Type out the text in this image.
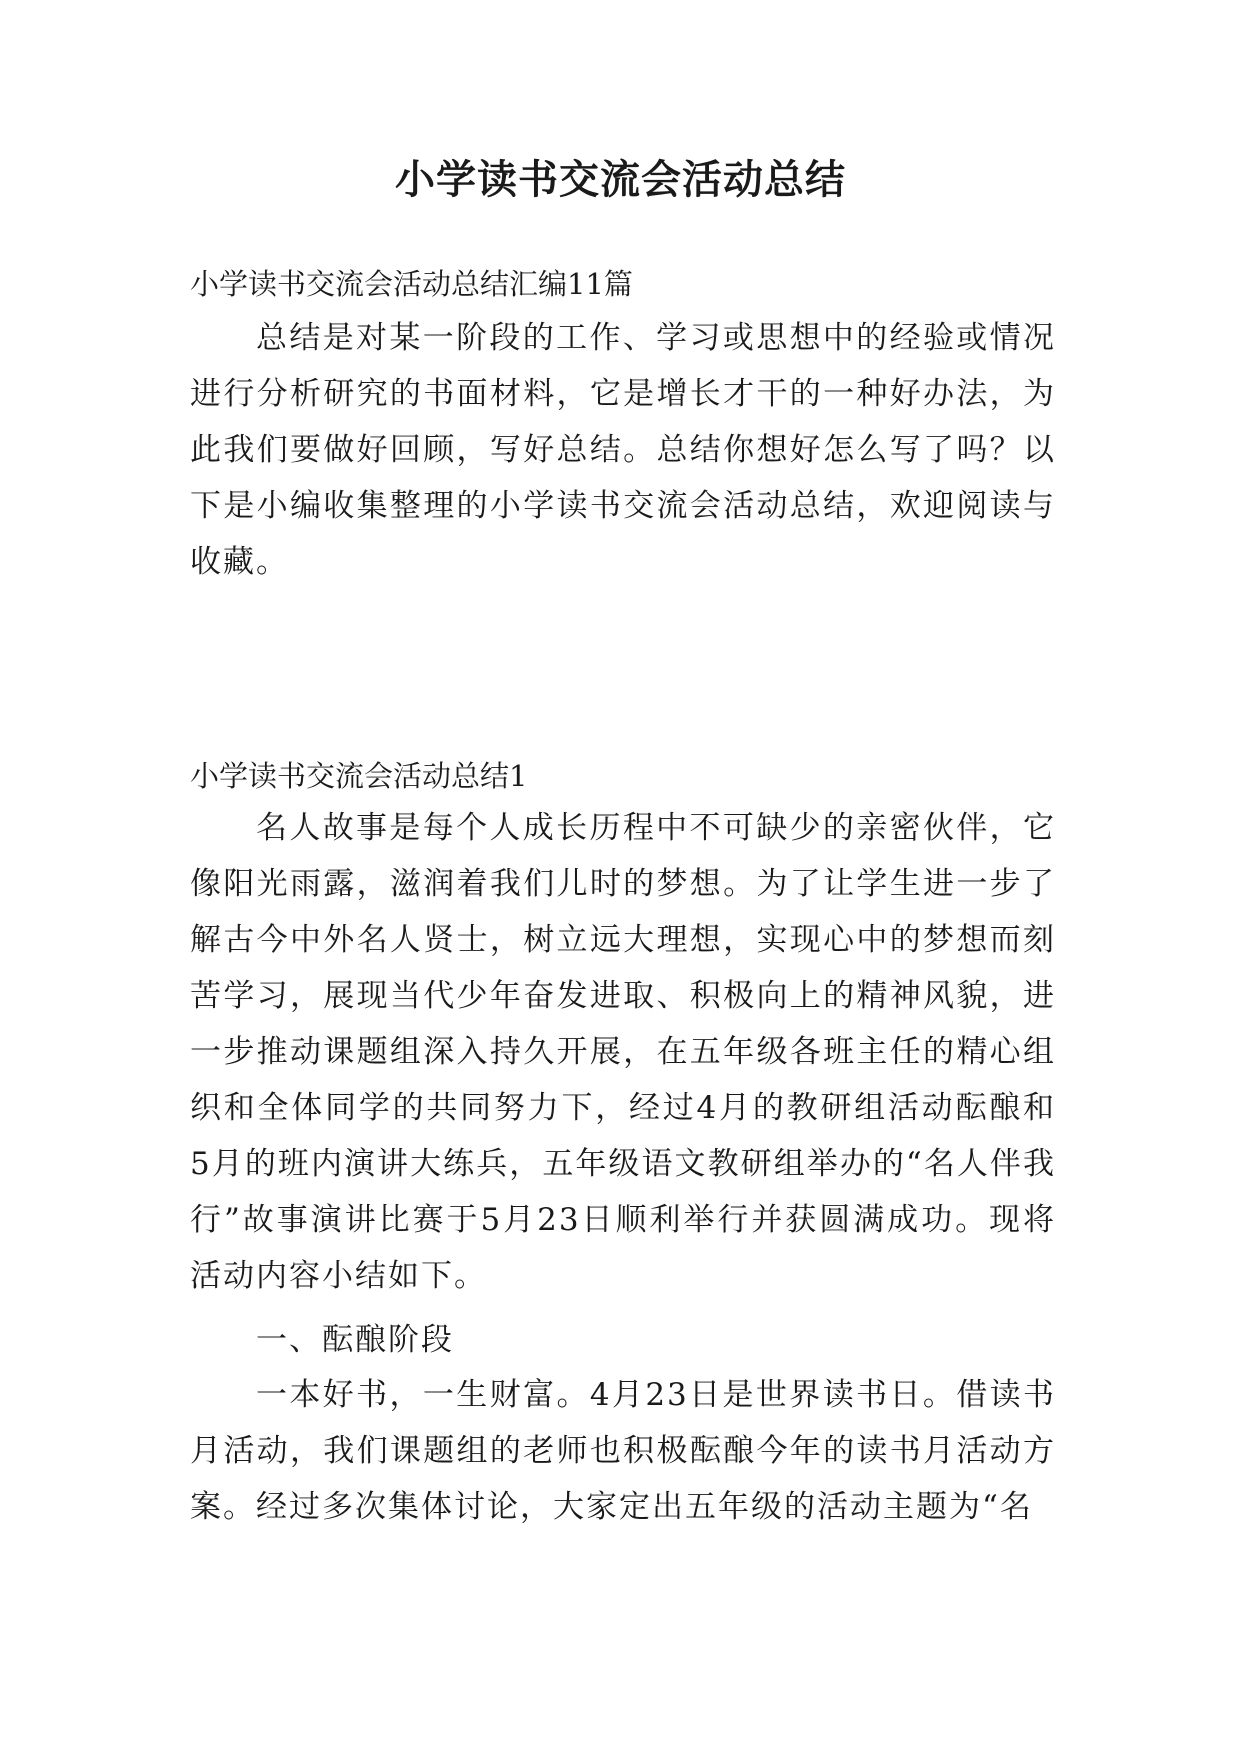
小学读书交流会活动总结

小学读书交流会活动总结汇编11篇

总结是对某一阶段的工作、学习或思想中的经验或情况进行分析研究的书面材料，它是增长才干的一种好办法，为此我们要做好回顾，写好总结。总结你想好怎么写了吗？以下是小编收集整理的小学读书交流会活动总结，欢迎阅读与收藏。

小学读书交流会活动总结1

名人故事是每个人成长历程中不可缺少的亲密伙伴，它像阳光雨露，滋润着我们儿时的梦想。为了让学生进一步了解古今中外名人贤士，树立远大理想，实现心中的梦想而刻苦学习，展现当代少年奋发进取、积极向上的精神风貌，进一步推动课题组深入持久开展，在五年级各班主任的精心组织和全体同学的共同努力下，经过4月的教研组活动酝酿和5月的班内演讲大练兵，五年级语文教研组举办的“名人伴我行”故事演讲比赛于5月23日顺利举行并获圆满成功。现将活动内容小结如下。

一、酝酿阶段

一本好书，一生财富。4月23日是世界读书日。借读书月活动，我们课题组的老师也积极酝酿今年的读书月活动方案。经过多次集体讨论，大家定出五年级的活动主题为“名
